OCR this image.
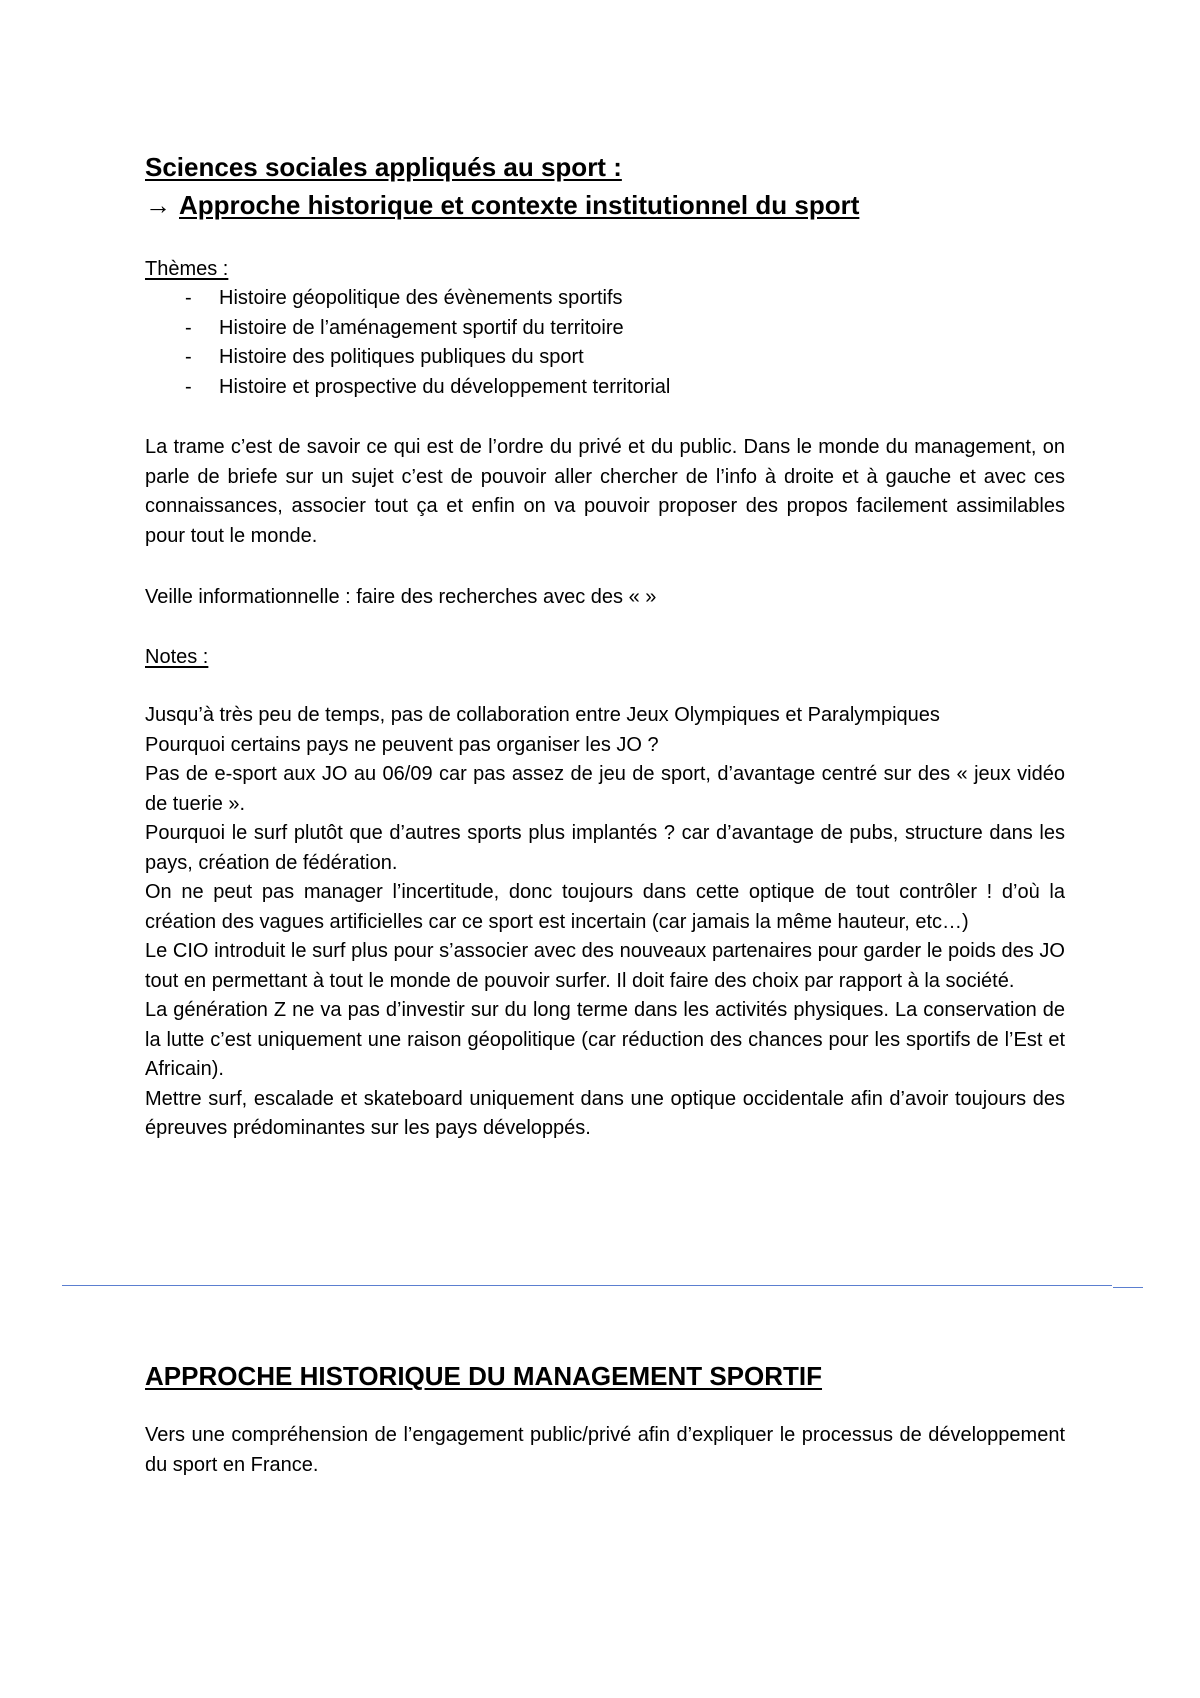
Sciences sociales appliqués au sport :
→ Approche historique et contexte institutionnel du sport

Thèmes :

- Histoire géopolitique des évènements sportifs
- Histoire de l’aménagement sportif du territoire
- Histoire des politiques publiques du sport
- Histoire et prospective du développement territorial

La trame c’est de savoir ce qui est de l’ordre du privé et du public. Dans le monde du management, on parle de briefe sur un sujet c’est de pouvoir aller chercher de l’info à droite et à gauche et avec ces connaissances, associer tout ça et enfin on va pouvoir proposer des propos facilement assimilables pour tout le monde.

Veille informationnelle : faire des recherches avec des « »

Notes :

Jusqu’à très peu de temps, pas de collaboration entre Jeux Olympiques et Paralympiques

Pourquoi certains pays ne peuvent pas organiser les JO ?

Pas de e-sport aux JO au 06/09 car pas assez de jeu de sport, d’avantage centré sur des « jeux vidéo de tuerie ».

Pourquoi le surf plutôt que d’autres sports plus implantés ? car d’avantage de pubs, structure dans les pays, création de fédération.

On ne peut pas manager l’incertitude, donc toujours dans cette optique de tout contrôler ! d’où la création des vagues artificielles car ce sport est incertain (car jamais la même hauteur, etc…)

Le CIO introduit le surf plus pour s’associer avec des nouveaux partenaires pour garder le poids des JO tout en permettant à tout le monde de pouvoir surfer. Il doit faire des choix par rapport à la société.

La génération Z ne va pas d’investir sur du long terme dans les activités physiques. La conservation de la lutte c’est uniquement une raison géopolitique (car réduction des chances pour les sportifs de l’Est et Africain).

Mettre surf, escalade et skateboard uniquement dans une optique occidentale afin d’avoir toujours des épreuves prédominantes sur les pays développés.

APPROCHE HISTORIQUE DU MANAGEMENT SPORTIF

Vers une compréhension de l’engagement public/privé afin d’expliquer le processus de développement du sport en France.
